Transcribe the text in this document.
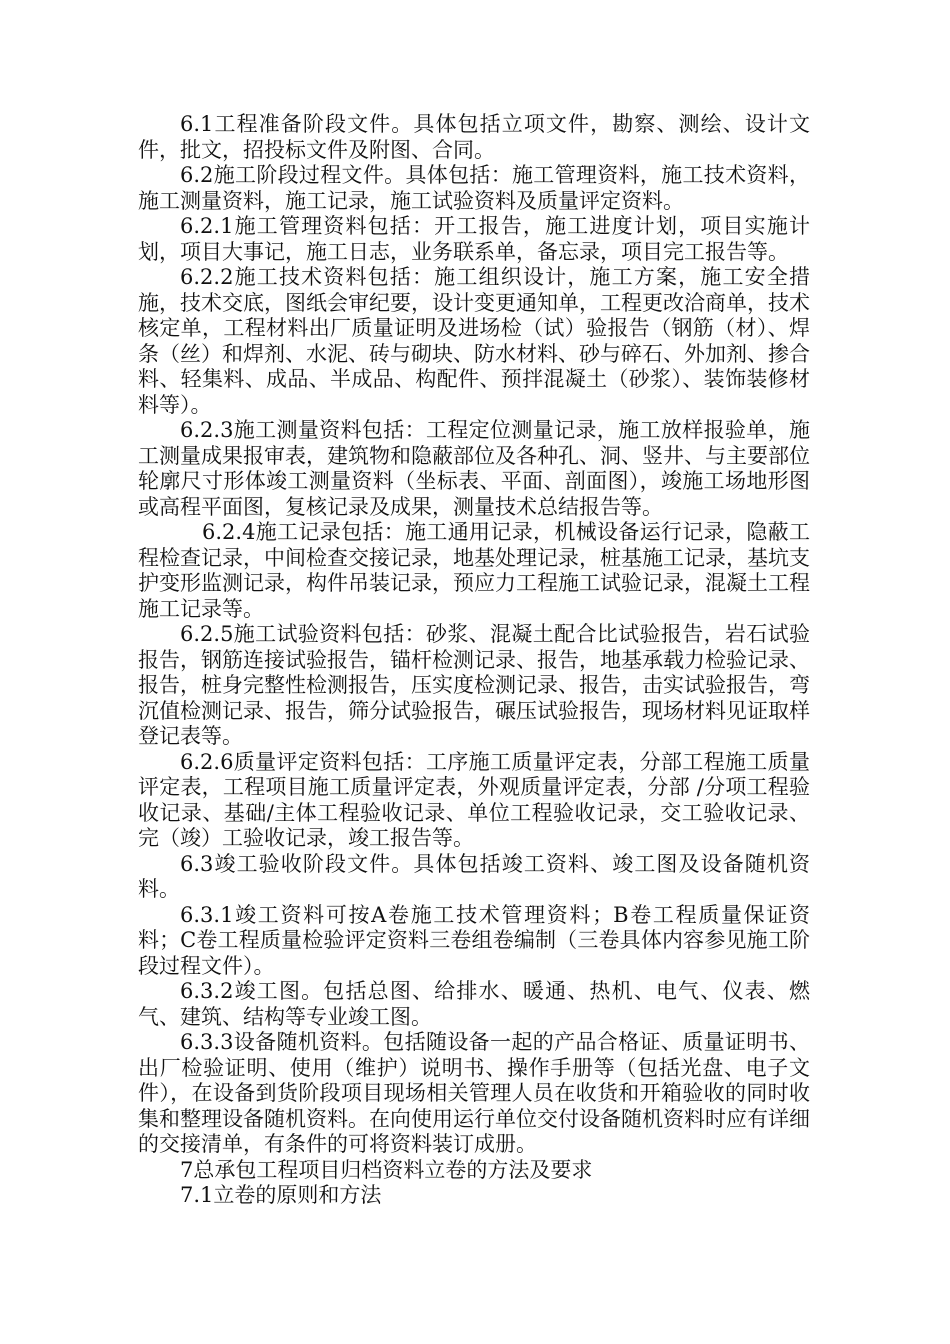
6.1工程准备阶段文件。具体包括立项文件，勘察、测绘、设计文件，批文，招投标文件及附图、合同。

6.2施工阶段过程文件。具体包括：施工管理资料，施工技术资料，施工测量资料，施工记录，施工试验资料及质量评定资料。

6.2.1施工管理资料包括：开工报告，施工进度计划，项目实施计划，项目大事记，施工日志，业务联系单，备忘录，项目完工报告等。

6.2.2施工技术资料包括：施工组织设计，施工方案，施工安全措施，技术交底，图纸会审纪要，设计变更通知单，工程更改洽商单，技术核定单，工程材料出厂质量证明及进场检（试）验报告（钢筋（材）、焊条（丝）和焊剂、水泥、砖与砌块、防水材料、砂与碎石、外加剂、掺合料、轻集料、成品、半成品、构配件、预拌混凝土（砂浆）、装饰装修材料等）。

6.2.3施工测量资料包括：工程定位测量记录，施工放样报验单，施工测量成果报审表，建筑物和隐蔽部位及各种孔、洞、竖井、与主要部位轮廓尺寸形体竣工测量资料（坐标表、平面、剖面图），竣施工场地形图或高程平面图，复核记录及成果，测量技术总结报告等。

6.2.4施工记录包括：施工通用记录，机械设备运行记录，隐蔽工程检查记录，中间检查交接记录，地基处理记录，桩基施工记录，基坑支护变形监测记录，构件吊装记录，预应力工程施工试验记录，混凝土工程施工记录等。

6.2.5施工试验资料包括：砂浆、混凝土配合比试验报告，岩石试验报告，钢筋连接试验报告，锚杆检测记录、报告，地基承载力检验记录、报告，桩身完整性检测报告，压实度检测记录、报告，击实试验报告，弯沉值检测记录、报告，筛分试验报告，碾压试验报告，现场材料见证取样登记表等。

6.2.6质量评定资料包括：工序施工质量评定表，分部工程施工质量评定表，工程项目施工质量评定表，外观质量评定表，分部 /分项工程验收记录、基础/主体工程验收记录、单位工程验收记录，交工验收记录、完（竣）工验收记录，竣工报告等。

6.3竣工验收阶段文件。具体包括竣工资料、竣工图及设备随机资料。

6.3.1竣工资料可按A卷施工技术管理资料；B卷工程质量保证资料；C卷工程质量检验评定资料三卷组卷编制（三卷具体内容参见施工阶段过程文件）。

6.3.2竣工图。包括总图、给排水、暖通、热机、电气、仪表、燃气、建筑、结构等专业竣工图。

6.3.3设备随机资料。包括随设备一起的产品合格证、质量证明书、出厂检验证明、使用（维护）说明书、操作手册等（包括光盘、电子文件），在设备到货阶段项目现场相关管理人员在收货和开箱验收的同时收集和整理设备随机资料。在向使用运行单位交付设备随机资料时应有详细的交接清单，有条件的可将资料装订成册。

7总承包工程项目归档资料立卷的方法及要求

7.1立卷的原则和方法
